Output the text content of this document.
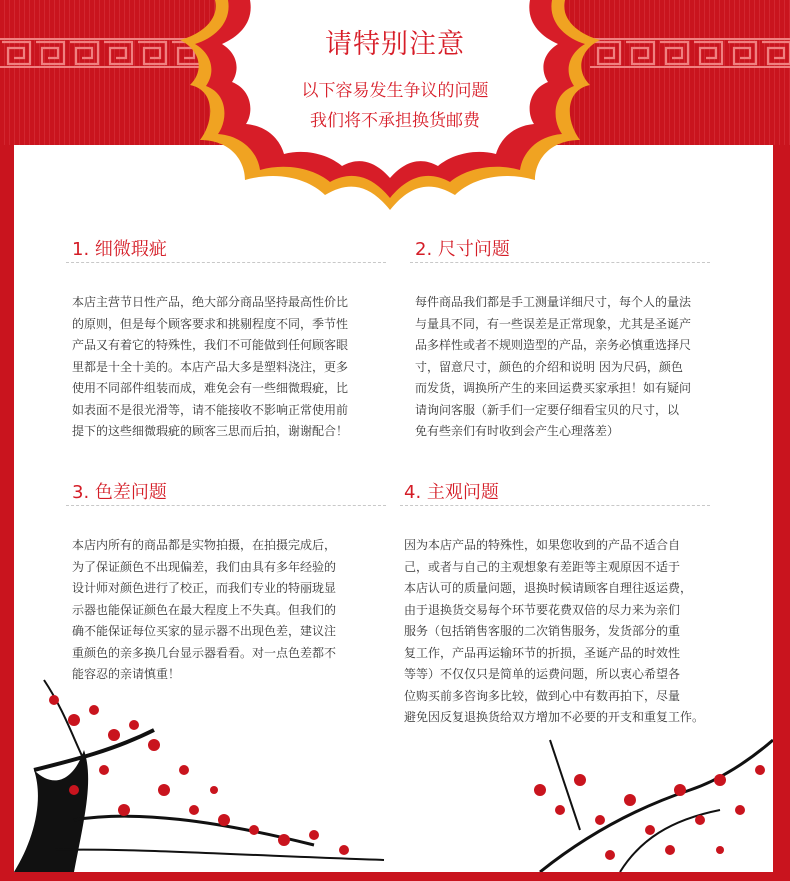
请特别注意
以下容易发生争议的问题
我们将不承担换货邮费
1. 细微瑕疵
本店主营节日性产品，绝大部分商品坚持最高性价比
的原则，但是每个顾客要求和挑剔程度不同，季节性
产品又有着它的特殊性，我们不可能做到任何顾客眼
里都是十全十美的。本店产品大多是塑料浇注，更多
使用不同部件组装而成，难免会有一些细微瑕疵，比
如表面不是很光滑等，请不能接收不影响正常使用前
提下的这些细微瑕疵的顾客三思而后拍，谢谢配合！
2. 尺寸问题
每件商品我们都是手工测量详细尺寸，每个人的量法
与量具不同，有一些误差是正常现象，尤其是圣诞产
品多样性或者不规则造型的产品，亲务必慎重选择尺
寸，留意尺寸，颜色的介绍和说明 因为尺码，颜色
而发货，调换所产生的来回运费买家承担！如有疑问
请询问客服（新手们一定要仔细看宝贝的尺寸，以
免有些亲们有时收到会产生心理落差）
3. 色差问题
本店内所有的商品都是实物拍摄，在拍摄完成后，
为了保证颜色不出现偏差，我们由具有多年经验的
设计师对颜色进行了校正，而我们专业的特丽珑显
示器也能保证颜色在最大程度上不失真。但我们的
确不能保证每位买家的显示器不出现色差，建议注
重颜色的亲多换几台显示器看看。对一点色差都不
能容忍的亲请慎重！
4. 主观问题
因为本店产品的特殊性，如果您收到的产品不适合自
己，或者与自己的主观想象有差距等主观原因不适于
本店认可的质量问题，退换时候请顾客自理往返运费，
由于退换货交易每个环节要花费双倍的尽力来为亲们
服务（包括销售客服的二次销售服务，发货部分的重
复工作，产品再运输环节的折损，圣诞产品的时效性
等等）不仅仅只是简单的运费问题，所以衷心希望各
位购买前多咨询多比较，做到心中有数再拍下，尽量
避免因反复退换货给双方增加不必要的开支和重复工作。
